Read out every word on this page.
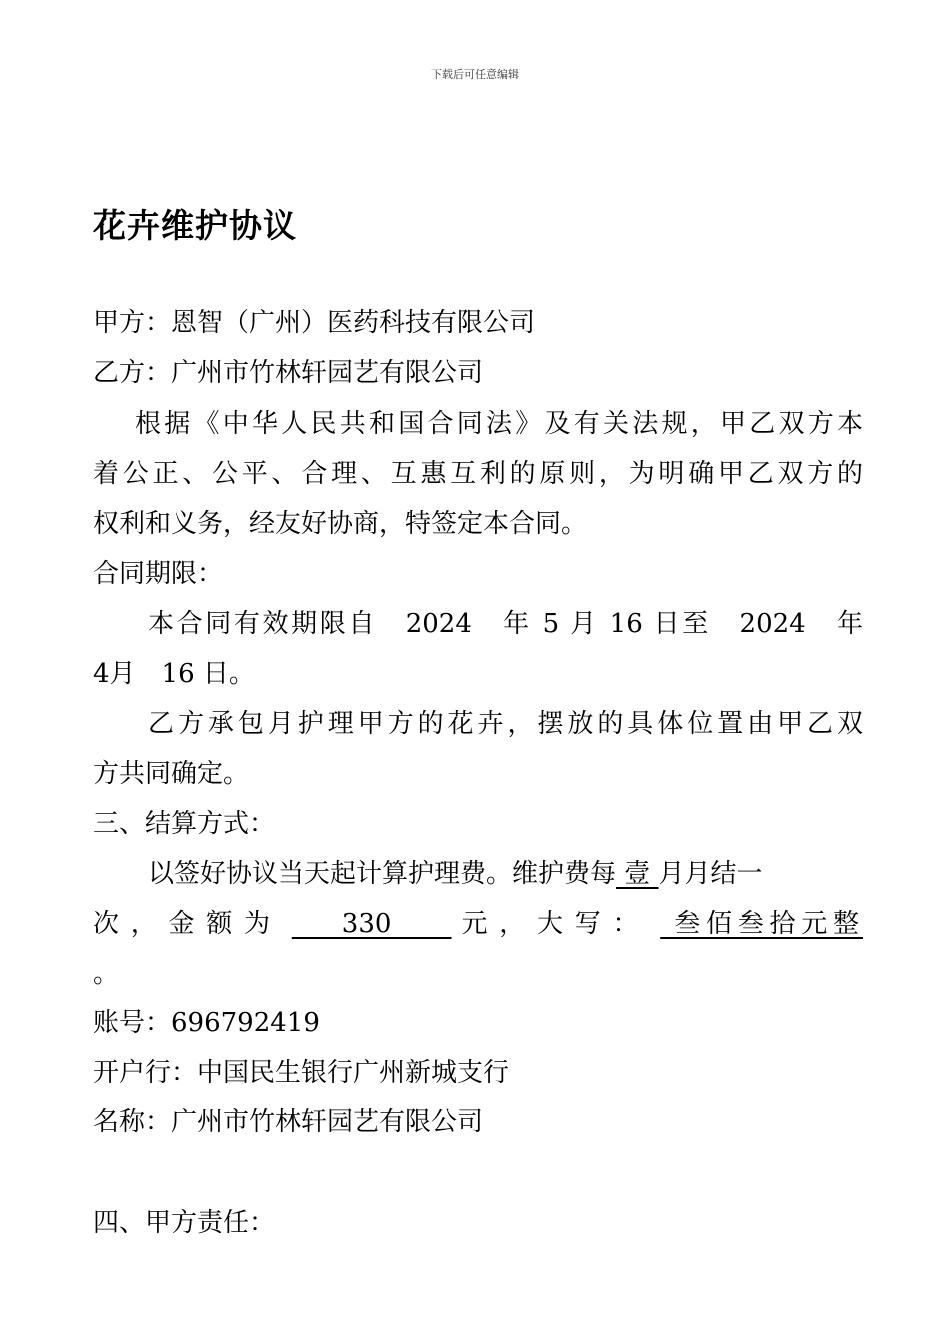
下载后可任意编辑
花卉维护协议
甲方：恩智（广州）医药科技有限公司
乙方：广州市竹林轩园艺有限公司
根据《中华人民共和国合同法》及有关法规，甲乙双方本
着公正、公平、合理、互惠互利的原则，为明确甲乙双方的
权利和义务，经友好协商，特签定本合同。
合同期限：
本合同有效期限自　2024　年 5 月 16 日至　2024　年
4月　16 日。
乙方承包月护理甲方的花卉，摆放的具体位置由甲乙双
方共同确定。
三、结算方式：
以签好协议当天起计算护理费。维护费每 壹 月月结一
次，金额为      330       元，大写：  叁佰叁拾元整
。
账号：696792419
开户行：中国民生银行广州新城支行
名称：广州市竹林轩园艺有限公司
四、甲方责任：
